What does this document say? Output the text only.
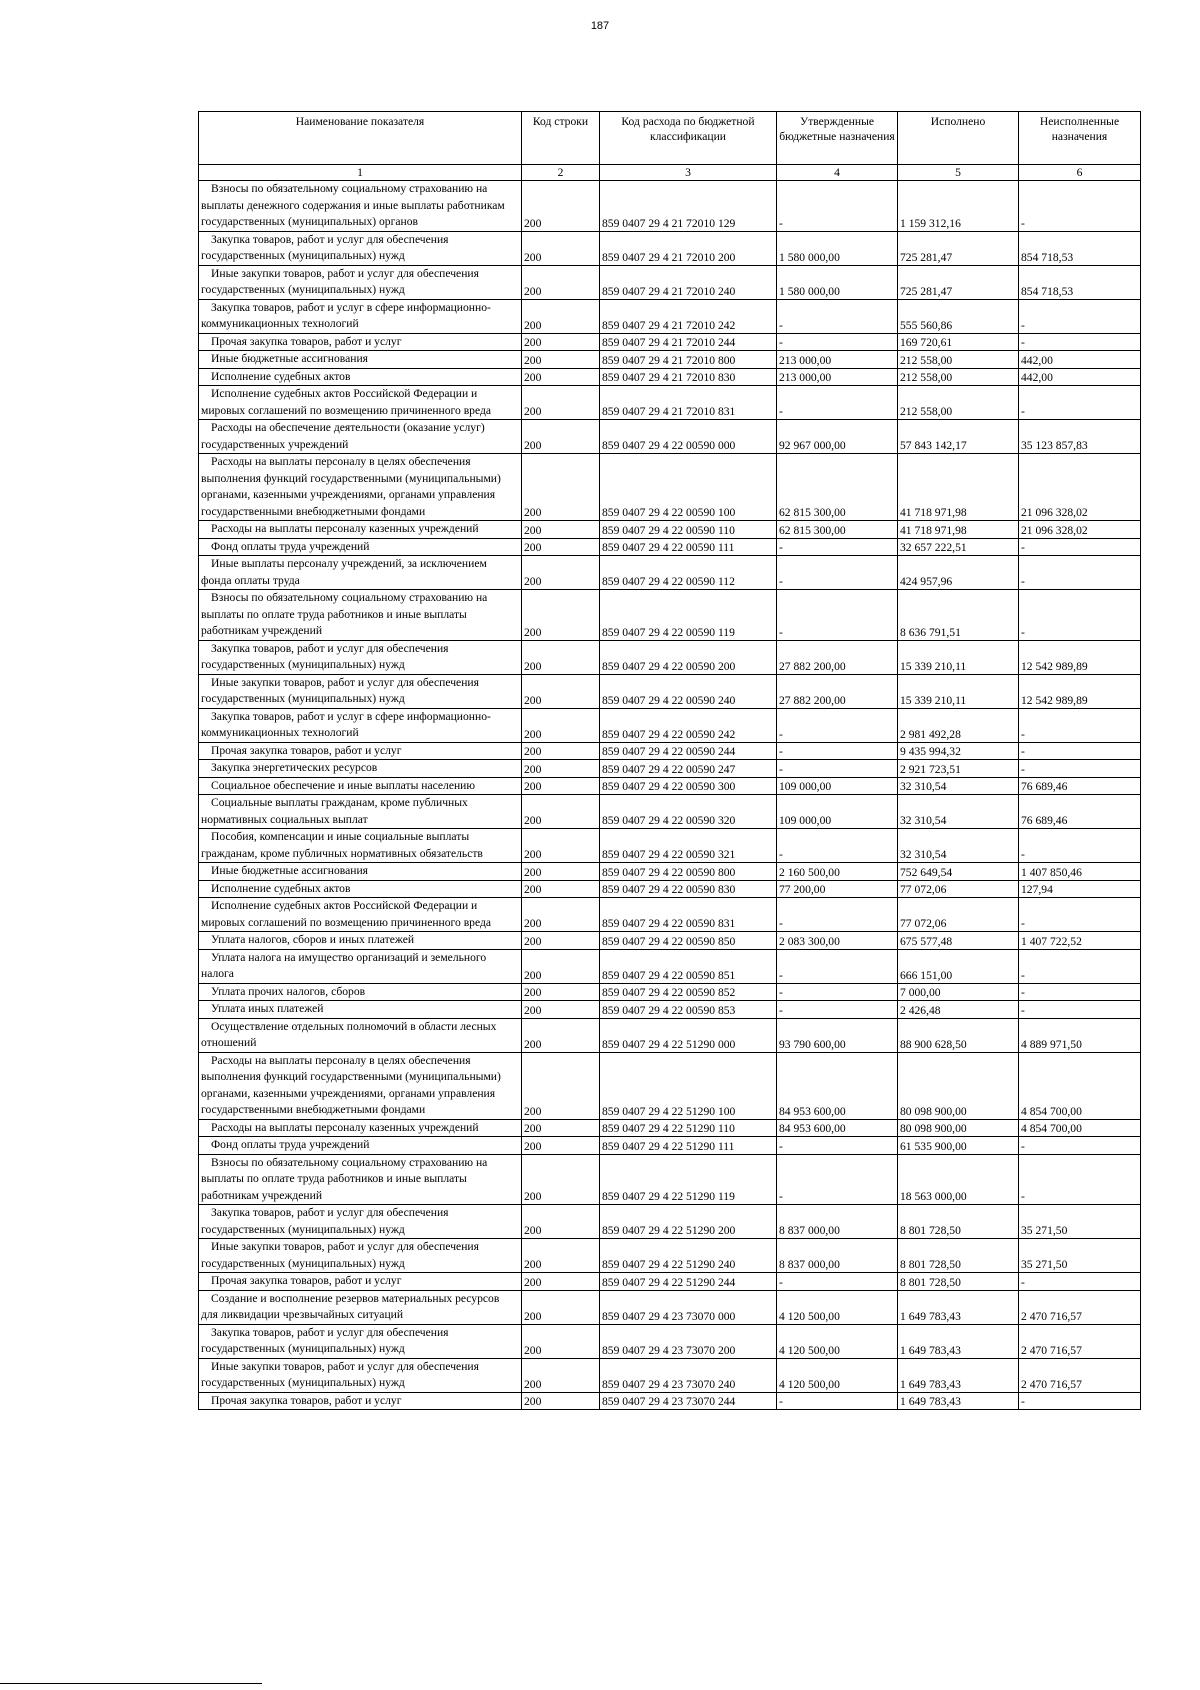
187
Наименование показателя	Код строки	Код расхода по бюджетной классификации	Утвержденные бюджетные назначения	Исполнено	Неисполненные назначения
1	2	3	4	5	6
Взносы по обязательному социальному страхованию на выплаты денежного содержания и иные выплаты работникам государственных (муниципальных) органов	200	859 0407 29 4 21 72010 129	-	1 159 312,16	-
Закупка товаров, работ и услуг для обеспечения государственных (муниципальных) нужд	200	859 0407 29 4 21 72010 200	1 580 000,00	725 281,47	854 718,53
Иные закупки товаров, работ и услуг для обеспечения государственных (муниципальных) нужд	200	859 0407 29 4 21 72010 240	1 580 000,00	725 281,47	854 718,53
Закупка товаров, работ и услуг в сфере информационно-коммуникационных технологий	200	859 0407 29 4 21 72010 242	-	555 560,86	-
Прочая закупка товаров, работ и услуг	200	859 0407 29 4 21 72010 244	-	169 720,61	-
Иные бюджетные ассигнования	200	859 0407 29 4 21 72010 800	213 000,00	212 558,00	442,00
Исполнение судебных актов	200	859 0407 29 4 21 72010 830	213 000,00	212 558,00	442,00
Исполнение судебных актов Российской Федерации и мировых соглашений по возмещению причиненного вреда	200	859 0407 29 4 21 72010 831	-	212 558,00	-
Расходы на обеспечение деятельности (оказание услуг) государственных учреждений	200	859 0407 29 4 22 00590 000	92 967 000,00	57 843 142,17	35 123 857,83
Расходы на выплаты персоналу в целях обеспечения выполнения функций государственными (муниципальными) органами, казенными учреждениями, органами управления государственными внебюджетными фондами	200	859 0407 29 4 22 00590 100	62 815 300,00	41 718 971,98	21 096 328,02
Расходы на выплаты персоналу казенных учреждений	200	859 0407 29 4 22 00590 110	62 815 300,00	41 718 971,98	21 096 328,02
Фонд оплаты труда учреждений	200	859 0407 29 4 22 00590 111	-	32 657 222,51	-
Иные выплаты персоналу учреждений, за исключением фонда оплаты труда	200	859 0407 29 4 22 00590 112	-	424 957,96	-
Взносы по обязательному социальному страхованию на выплаты по оплате труда работников и иные выплаты работникам учреждений	200	859 0407 29 4 22 00590 119	-	8 636 791,51	-
Закупка товаров, работ и услуг для обеспечения государственных (муниципальных) нужд	200	859 0407 29 4 22 00590 200	27 882 200,00	15 339 210,11	12 542 989,89
Иные закупки товаров, работ и услуг для обеспечения государственных (муниципальных) нужд	200	859 0407 29 4 22 00590 240	27 882 200,00	15 339 210,11	12 542 989,89
Закупка товаров, работ и услуг в сфере информационно-коммуникационных технологий	200	859 0407 29 4 22 00590 242	-	2 981 492,28	-
Прочая закупка товаров, работ и услуг	200	859 0407 29 4 22 00590 244	-	9 435 994,32	-
Закупка энергетических ресурсов	200	859 0407 29 4 22 00590 247	-	2 921 723,51	-
Социальное обеспечение и иные выплаты населению	200	859 0407 29 4 22 00590 300	109 000,00	32 310,54	76 689,46
Социальные выплаты гражданам, кроме публичных нормативных социальных выплат	200	859 0407 29 4 22 00590 320	109 000,00	32 310,54	76 689,46
Пособия, компенсации и иные социальные выплаты гражданам, кроме публичных нормативных обязательств	200	859 0407 29 4 22 00590 321	-	32 310,54	-
Иные бюджетные ассигнования	200	859 0407 29 4 22 00590 800	2 160 500,00	752 649,54	1 407 850,46
Исполнение судебных актов	200	859 0407 29 4 22 00590 830	77 200,00	77 072,06	127,94
Исполнение судебных актов Российской Федерации и мировых соглашений по возмещению причиненного вреда	200	859 0407 29 4 22 00590 831	-	77 072,06	-
Уплата налогов, сборов и иных платежей	200	859 0407 29 4 22 00590 850	2 083 300,00	675 577,48	1 407 722,52
Уплата налога на имущество организаций и земельного налога	200	859 0407 29 4 22 00590 851	-	666 151,00	-
Уплата прочих налогов, сборов	200	859 0407 29 4 22 00590 852	-	7 000,00	-
Уплата иных платежей	200	859 0407 29 4 22 00590 853	-	2 426,48	-
Осуществление отдельных полномочий в области лесных отношений	200	859 0407 29 4 22 51290 000	93 790 600,00	88 900 628,50	4 889 971,50
Расходы на выплаты персоналу в целях обеспечения выполнения функций государственными (муниципальными) органами, казенными учреждениями, органами управления государственными внебюджетными фондами	200	859 0407 29 4 22 51290 100	84 953 600,00	80 098 900,00	4 854 700,00
Расходы на выплаты персоналу казенных учреждений	200	859 0407 29 4 22 51290 110	84 953 600,00	80 098 900,00	4 854 700,00
Фонд оплаты труда учреждений	200	859 0407 29 4 22 51290 111	-	61 535 900,00	-
Взносы по обязательному социальному страхованию на выплаты по оплате труда работников и иные выплаты работникам учреждений	200	859 0407 29 4 22 51290 119	-	18 563 000,00	-
Закупка товаров, работ и услуг для обеспечения государственных (муниципальных) нужд	200	859 0407 29 4 22 51290 200	8 837 000,00	8 801 728,50	35 271,50
Иные закупки товаров, работ и услуг для обеспечения государственных (муниципальных) нужд	200	859 0407 29 4 22 51290 240	8 837 000,00	8 801 728,50	35 271,50
Прочая закупка товаров, работ и услуг	200	859 0407 29 4 22 51290 244	-	8 801 728,50	-
Создание и восполнение резервов материальных ресурсов для ликвидации чрезвычайных ситуаций	200	859 0407 29 4 23 73070 000	4 120 500,00	1 649 783,43	2 470 716,57
Закупка товаров, работ и услуг для обеспечения государственных (муниципальных) нужд	200	859 0407 29 4 23 73070 200	4 120 500,00	1 649 783,43	2 470 716,57
Иные закупки товаров, работ и услуг для обеспечения государственных (муниципальных) нужд	200	859 0407 29 4 23 73070 240	4 120 500,00	1 649 783,43	2 470 716,57
Прочая закупка товаров, работ и услуг	200	859 0407 29 4 23 73070 244	-	1 649 783,43	-
